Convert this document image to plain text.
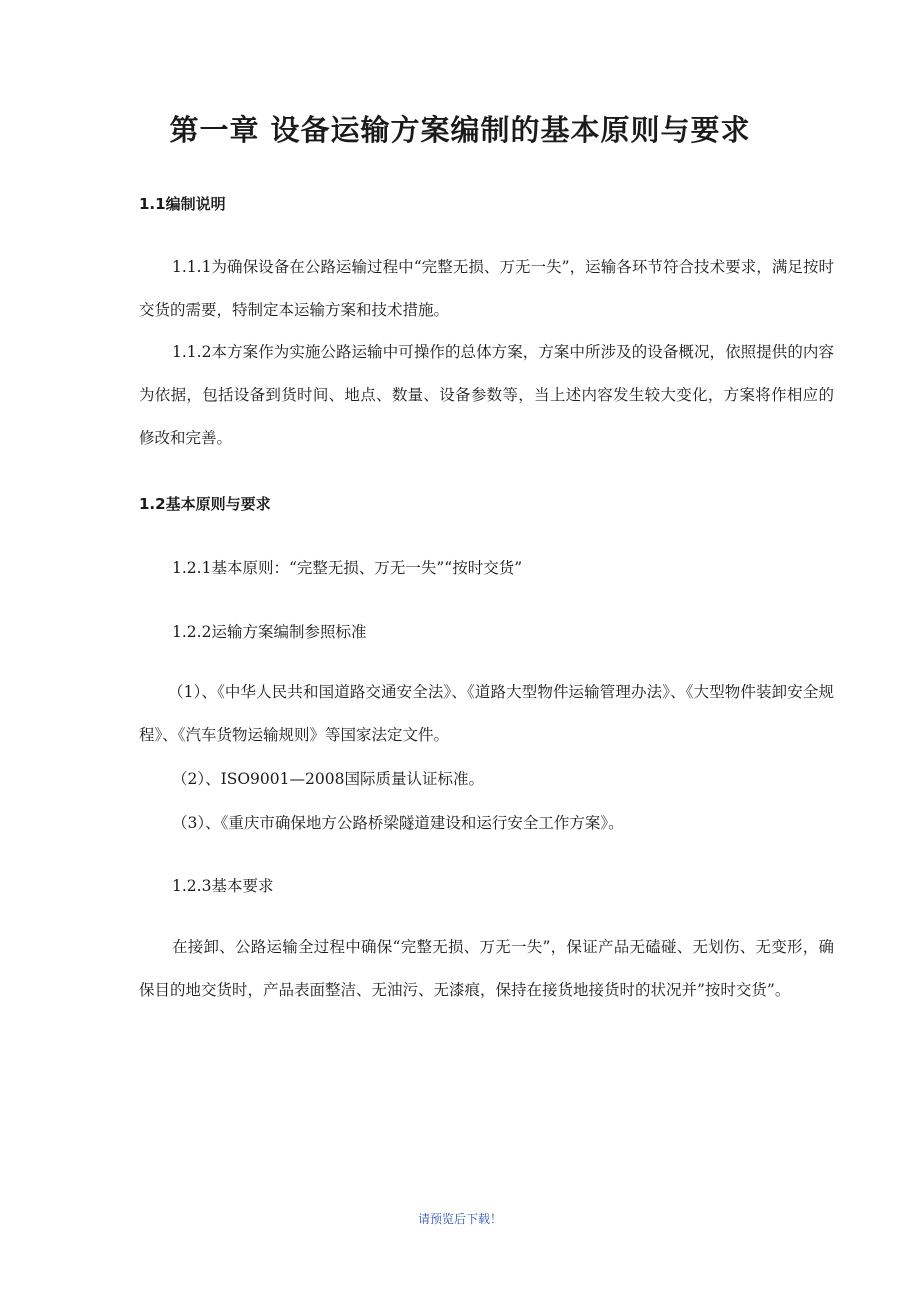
第一章 设备运输方案编制的基本原则与要求

1.1编制说明

1.1.1为确保设备在公路运输过程中“完整无损、万无一失”，运输各环节符合技术要求，满足按时交货的需要，特制定本运输方案和技术措施。

1.1.2本方案作为实施公路运输中可操作的总体方案，方案中所涉及的设备概况，依照提供的内容为依据，包括设备到货时间、地点、数量、设备参数等，当上述内容发生较大变化，方案将作相应的修改和完善。

1.2基本原则与要求

1.2.1基本原则：“完整无损、万无一失”“按时交货”

1.2.2运输方案编制参照标准

（1）、《中华人民共和国道路交通安全法》、《道路大型物件运输管理办法》、《大型物件装卸安全规程》、《汽车货物运输规则》等国家法定文件。

（2）、ISO9001—2008国际质量认证标准。

（3）、《重庆市确保地方公路桥梁隧道建设和运行安全工作方案》。

1.2.3基本要求

在接卸、公路运输全过程中确保“完整无损、万无一失”，保证产品无磕碰、无划伤、无变形，确保目的地交货时，产品表面整洁、无油污、无漆痕，保持在接货地接货时的状况并”按时交货”。

请预览后下载！
